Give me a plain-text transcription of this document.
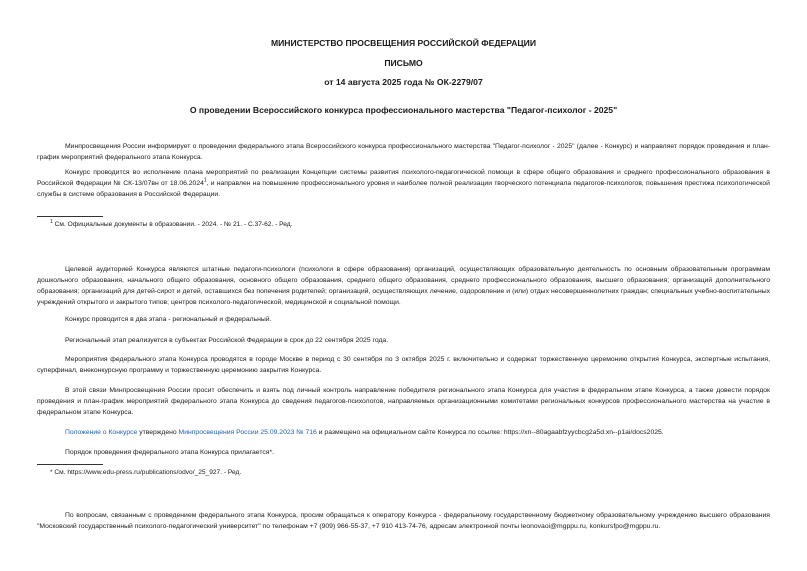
МИНИСТЕРСТВО ПРОСВЕЩЕНИЯ РОССИЙСКОЙ ФЕДЕРАЦИИ
ПИСЬМО
от 14 августа 2025 года № ОК-2279/07
О проведении Всероссийского конкурса профессионального мастерства "Педагог-психолог - 2025"

Минпросвещения России информирует о проведении федерального этапа Всероссийского конкурса профессионального мастерства "Педагог-психолог - 2025" (далее - Конкурс) и направляет порядок проведения и план-график мероприятий федерального этапа Конкурса.

Конкурс проводится во исполнение плана мероприятий по реализации Концепции системы развития психолого-педагогической помощи в сфере общего образования и среднего профессионального образования в Российской Федерации № СК-13/07вн от 18.06.2024$^1$, и направлен на повышение профессионального уровня и наиболее полной реализации творческого потенциала педагогов-психологов, повышения престижа психологической службы в системе образования в Российской Федерации.

$^1$ См. Официальные документы в образовании. - 2024. - № 21. - С.37-62. - Ред.

Целевой аудиторией Конкурса являются штатные педагоги-психологи (психологи в сфере образования) организаций, осуществляющих образовательную деятельность по основным образовательным программам дошкольного образования, начального общего образования, основного общего образования, среднего общего образования, среднего профессионального образования, высшего образования; организаций дополнительного образования; организаций для детей-сирот и детей, оставшихся без попечения родителей; организаций, осуществляющих лечение, оздоровление и (или) отдых несовершеннолетних граждан; специальных учебно-воспитательных учреждений открытого и закрытого типов; центров психолого-педагогической, медицинской и социальной помощи.

Конкурс проводится в два этапа - региональный и федеральный.

Региональный этап реализуется в субъектах Российской Федерации в срок до 22 сентября 2025 года.

Мероприятия федерального этапа Конкурса проводятся в городе Москве в период с 30 сентября по 3 октября 2025 г. включительно и содержат торжественную церемонию открытия Конкурса, экспертные испытания, суперфинал, внеконкурсную программу и торжественную церемонию закрытия Конкурса.

В этой связи Минпросвещения России просит обеспечить и взять под личный контроль направление победителя регионального этапа Конкурса для участия в федеральном этапе Конкурса, а также довести порядок проведения и план-график мероприятий федерального этапа Конкурса до сведения педагогов-психологов, направляемых организационными комитетами региональных конкурсов профессионального мастерства на участие в федеральном этапе Конкурса.

Положение о Конкурсе утверждено Минпросвещения России 25.09.2023 № 716 и размещено на официальном сайте Конкурса по ссылке: https://xn--80agaabfzyycbcg2a5d.xn--p1ai/docs2025.

Порядок проведения федерального этапа Конкурса прилагается*.

* См. https://www.edu-press.ru/publications/odvo/_25_927. - Ред.

По вопросам, связанным с проведением федерального этапа Конкурса, просим обращаться к оператору Конкурса - федеральному государственному бюджетному образовательному учреждению высшего образования "Московский государственный психолого-педагогический университет" по телефонам +7 (909) 966-55-37, +7 910 413-74-76, адресам электронной почты leonovaoi@mgppu.ru, konkursfpo@mgppu.ru.
